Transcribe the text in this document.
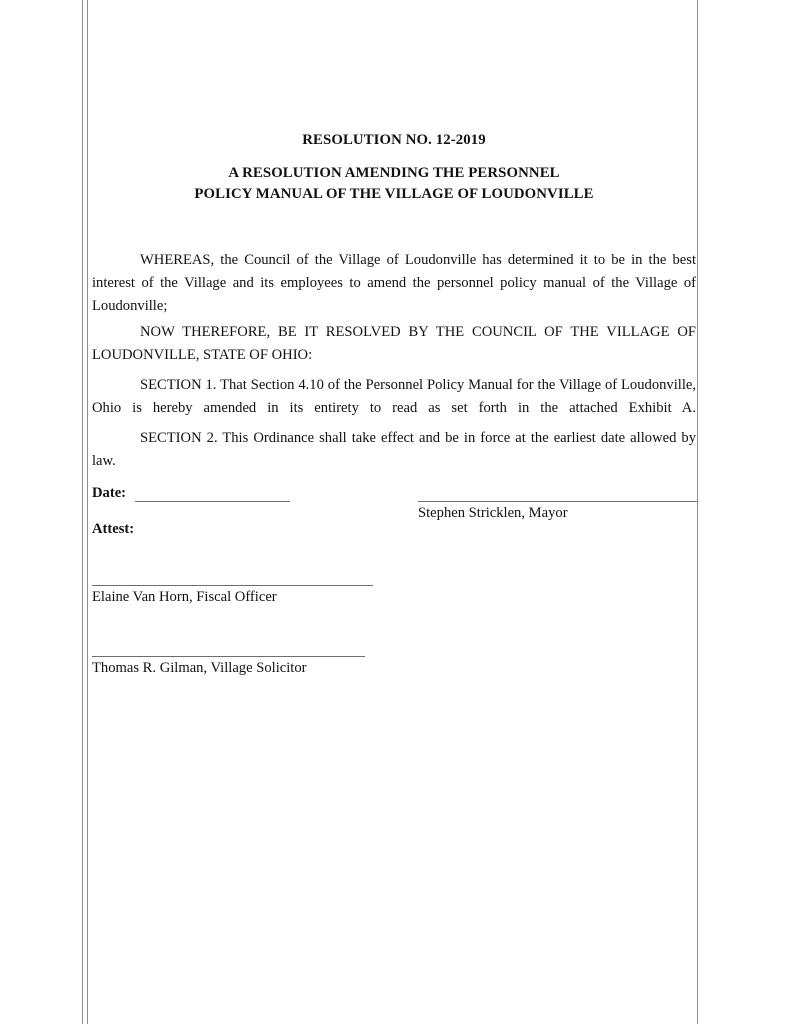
RESOLUTION NO. 12-2019
A RESOLUTION AMENDING THE PERSONNEL
POLICY MANUAL OF THE VILLAGE OF LOUDONVILLE

WHEREAS, the Council of the Village of Loudonville has determined it to be in the best interest of the Village and its employees to amend the personnel policy manual of the Village of Loudonville;

NOW THEREFORE, BE IT RESOLVED BY THE COUNCIL OF THE VILLAGE OF LOUDONVILLE, STATE OF OHIO:

SECTION 1. That Section 4.10 of the Personnel Policy Manual for the Village of Loudonville, Ohio is hereby amended in its entirety to read as set forth in the attached Exhibit A.

SECTION 2. This Ordinance shall take effect and be in force at the earliest date allowed by law.

Date:
Stephen Stricklen, Mayor
Attest:
Elaine Van Horn, Fiscal Officer
Thomas R. Gilman, Village Solicitor
